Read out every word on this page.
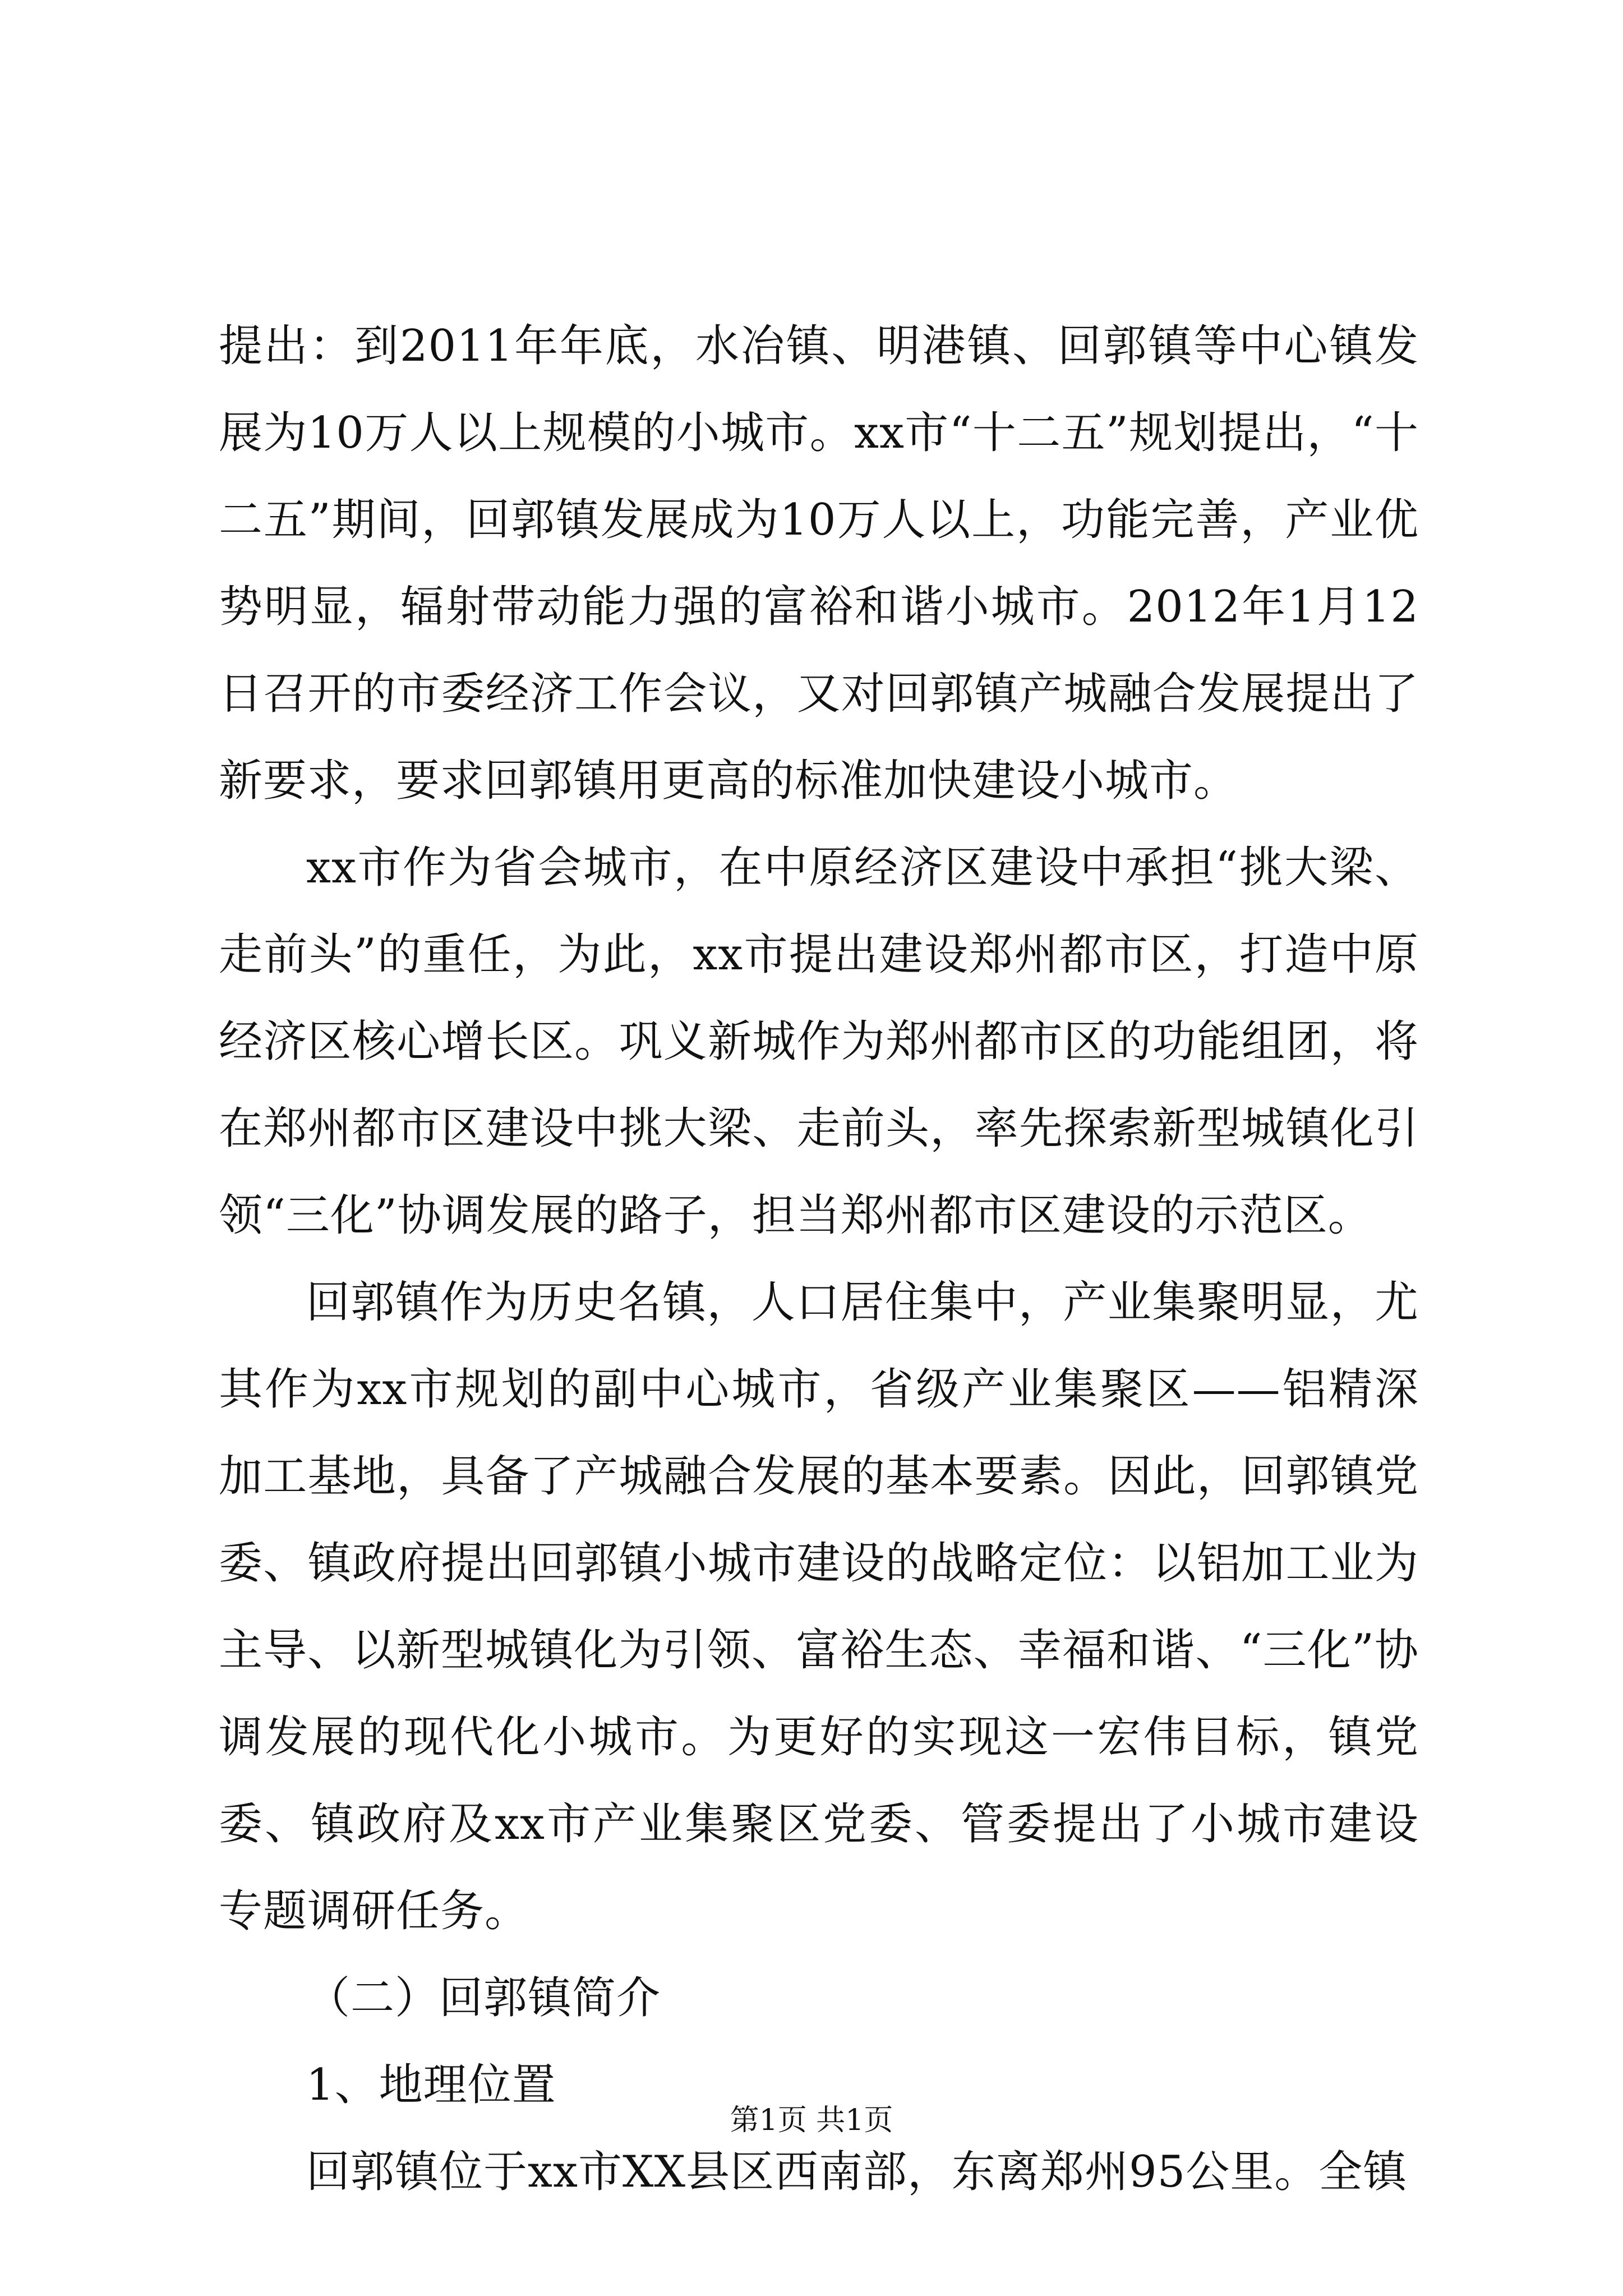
提出：到2011年年底，水冶镇、明港镇、回郭镇等中心镇发展为10万人以上规模的小城市。xx市“十二五”规划提出，“十二五”期间，回郭镇发展成为10万人以上，功能完善，产业优势明显，辐射带动能力强的富裕和谐小城市。2012年1月12日召开的市委经济工作会议，又对回郭镇产城融合发展提出了新要求，要求回郭镇用更高的标准加快建设小城市。

xx市作为省会城市，在中原经济区建设中承担“挑大梁、走前头”的重任，为此，xx市提出建设郑州都市区，打造中原经济区核心增长区。巩义新城作为郑州都市区的功能组团，将在郑州都市区建设中挑大梁、走前头，率先探索新型城镇化引领“三化”协调发展的路子，担当郑州都市区建设的示范区。

回郭镇作为历史名镇，人口居住集中，产业集聚明显，尤其作为xx市规划的副中心城市，省级产业集聚区——铝精深加工基地，具备了产城融合发展的基本要素。因此，回郭镇党委、镇政府提出回郭镇小城市建设的战略定位：以铝加工业为主导、以新型城镇化为引领、富裕生态、幸福和谐、“三化”协调发展的现代化小城市。为更好的实现这一宏伟目标，镇党委、镇政府及xx市产业集聚区党委、管委提出了小城市建设专题调研任务。

（二）回郭镇简介

1、地理位置

回郭镇位于xx市XX县区西南部，东离郑州95公里。全镇

第1页 共1页
